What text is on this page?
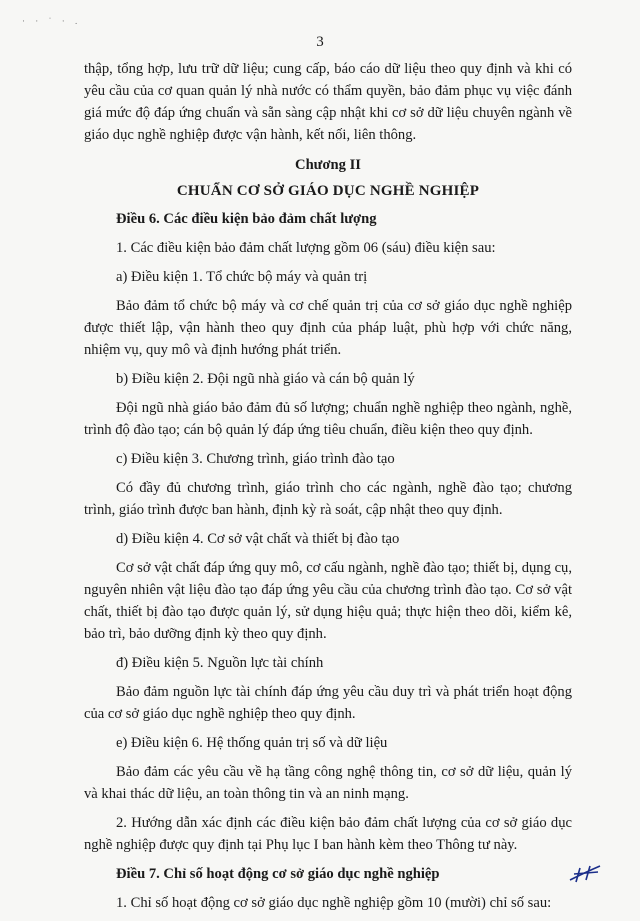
· · ˈ · .
3

thập, tổng hợp, lưu trữ dữ liệu; cung cấp, báo cáo dữ liệu theo quy định và khi có yêu cầu của cơ quan quản lý nhà nước có thẩm quyền, bảo đảm phục vụ việc đánh giá mức độ đáp ứng chuẩn và sẵn sàng cập nhật khi cơ sở dữ liệu chuyên ngành về giáo dục nghề nghiệp được vận hành, kết nối, liên thông.

Chương II

CHUẨN CƠ SỞ GIÁO DỤC NGHỀ NGHIỆP

Điều 6. Các điều kiện bảo đảm chất lượng

1. Các điều kiện bảo đảm chất lượng gồm 06 (sáu) điều kiện sau:

a) Điều kiện 1. Tổ chức bộ máy và quản trị

Bảo đảm tổ chức bộ máy và cơ chế quản trị của cơ sở giáo dục nghề nghiệp được thiết lập, vận hành theo quy định của pháp luật, phù hợp với chức năng, nhiệm vụ, quy mô và định hướng phát triển.

b) Điều kiện 2. Đội ngũ nhà giáo và cán bộ quản lý

Đội ngũ nhà giáo bảo đảm đủ số lượng; chuẩn nghề nghiệp theo ngành, nghề, trình độ đào tạo; cán bộ quản lý đáp ứng tiêu chuẩn, điều kiện theo quy định.

c) Điều kiện 3. Chương trình, giáo trình đào tạo

Có đầy đủ chương trình, giáo trình cho các ngành, nghề đào tạo; chương trình, giáo trình được ban hành, định kỳ rà soát, cập nhật theo quy định.

d) Điều kiện 4. Cơ sở vật chất và thiết bị đào tạo

Cơ sở vật chất đáp ứng quy mô, cơ cấu ngành, nghề đào tạo; thiết bị, dụng cụ, nguyên nhiên vật liệu đào tạo đáp ứng yêu cầu của chương trình đào tạo. Cơ sở vật chất, thiết bị đào tạo được quản lý, sử dụng hiệu quả; thực hiện theo dõi, kiểm kê, bảo trì, bảo dưỡng định kỳ theo quy định.

đ) Điều kiện 5. Nguồn lực tài chính

Bảo đảm nguồn lực tài chính đáp ứng yêu cầu duy trì và phát triển hoạt động của cơ sở giáo dục nghề nghiệp theo quy định.

e) Điều kiện 6. Hệ thống quản trị số và dữ liệu

Bảo đảm các yêu cầu về hạ tầng công nghệ thông tin, cơ sở dữ liệu, quản lý và khai thác dữ liệu, an toàn thông tin và an ninh mạng.

2. Hướng dẫn xác định các điều kiện bảo đảm chất lượng của cơ sở giáo dục nghề nghiệp được quy định tại Phụ lục I ban hành kèm theo Thông tư này.

Điều 7. Chỉ số hoạt động cơ sở giáo dục nghề nghiệp

1. Chỉ số hoạt động cơ sở giáo dục nghề nghiệp gồm 10 (mười) chỉ số sau:
